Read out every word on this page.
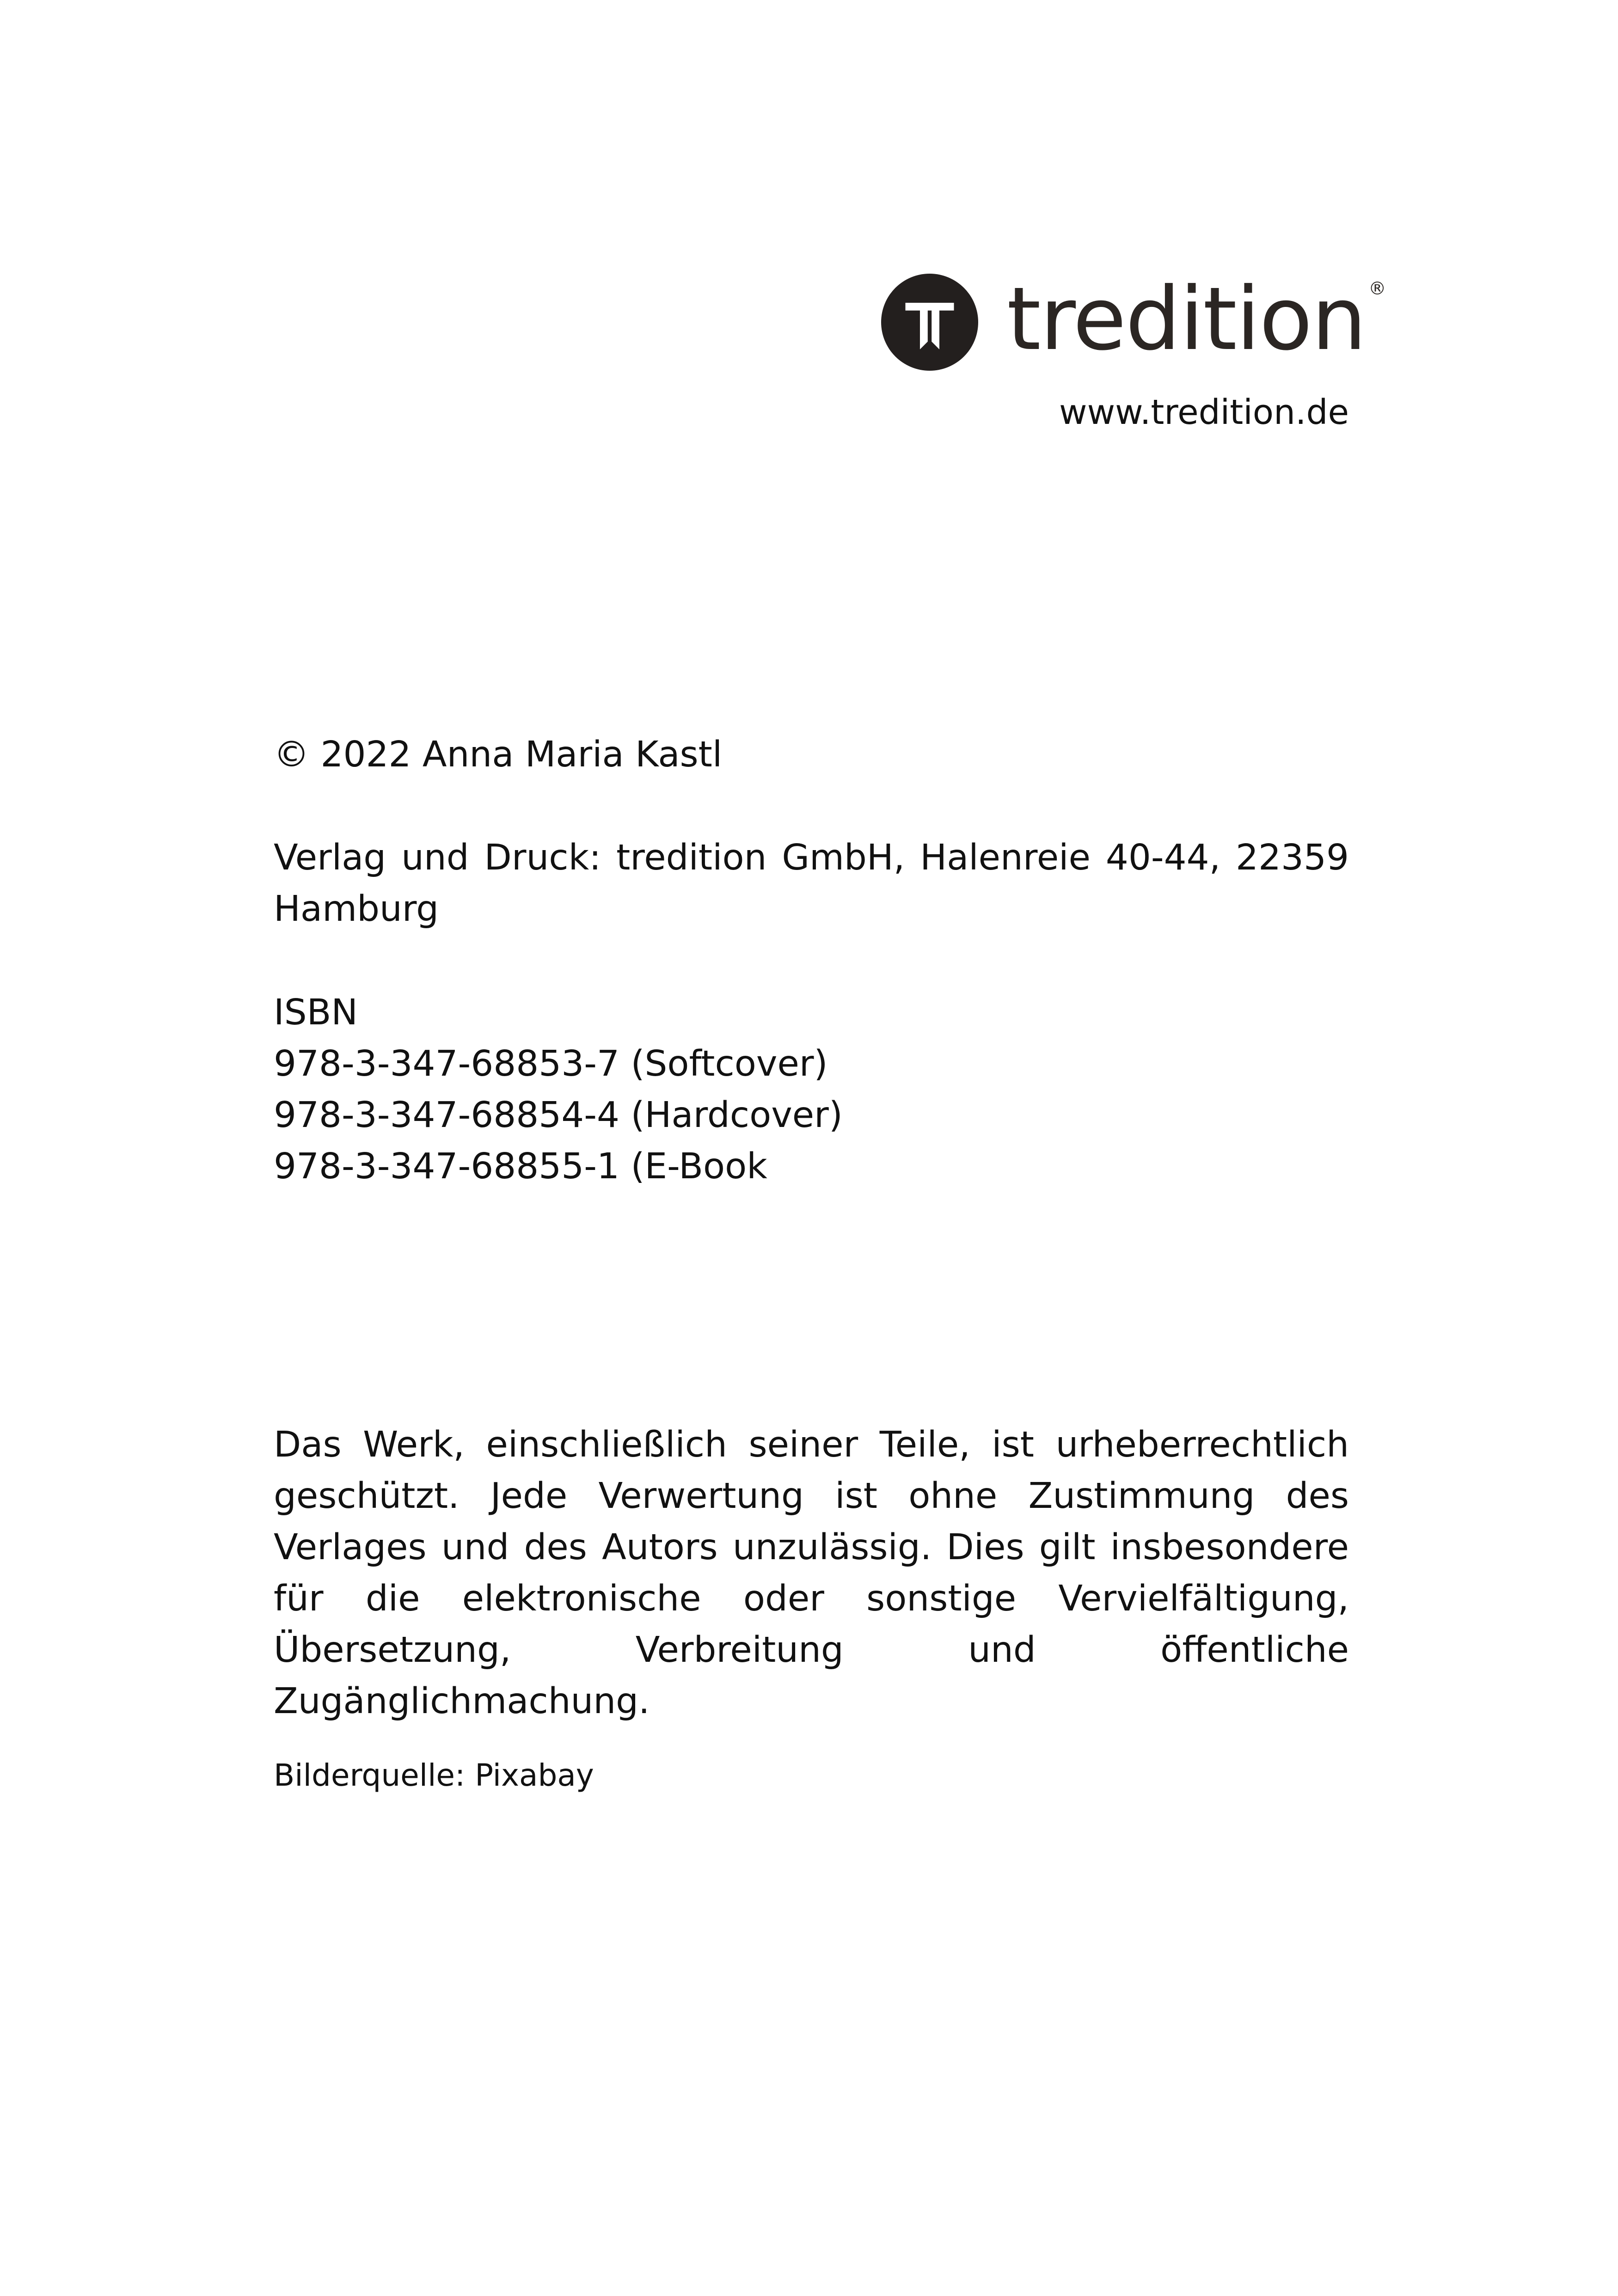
tredition ®

www.tredition.de

© 2022 Anna Maria Kastl

Verlag und Druck: tredition GmbH, Halenreie 40-44, 22359 Hamburg

ISBN

978-3-347-68853-7 (Softcover)

978-3-347-68854-4 (Hardcover)

978-3-347-68855-1 (E-Book

Das Werk, einschließlich seiner Teile, ist urheberrechtlich geschützt. Jede Verwertung ist ohne Zustimmung des Verlages und des Autors unzulässig. Dies gilt insbesondere für die elektronische oder sonstige Vervielfältigung, Übersetzung, Verbreitung und öffentliche Zugänglichmachung.

Bilderquelle: Pixabay
